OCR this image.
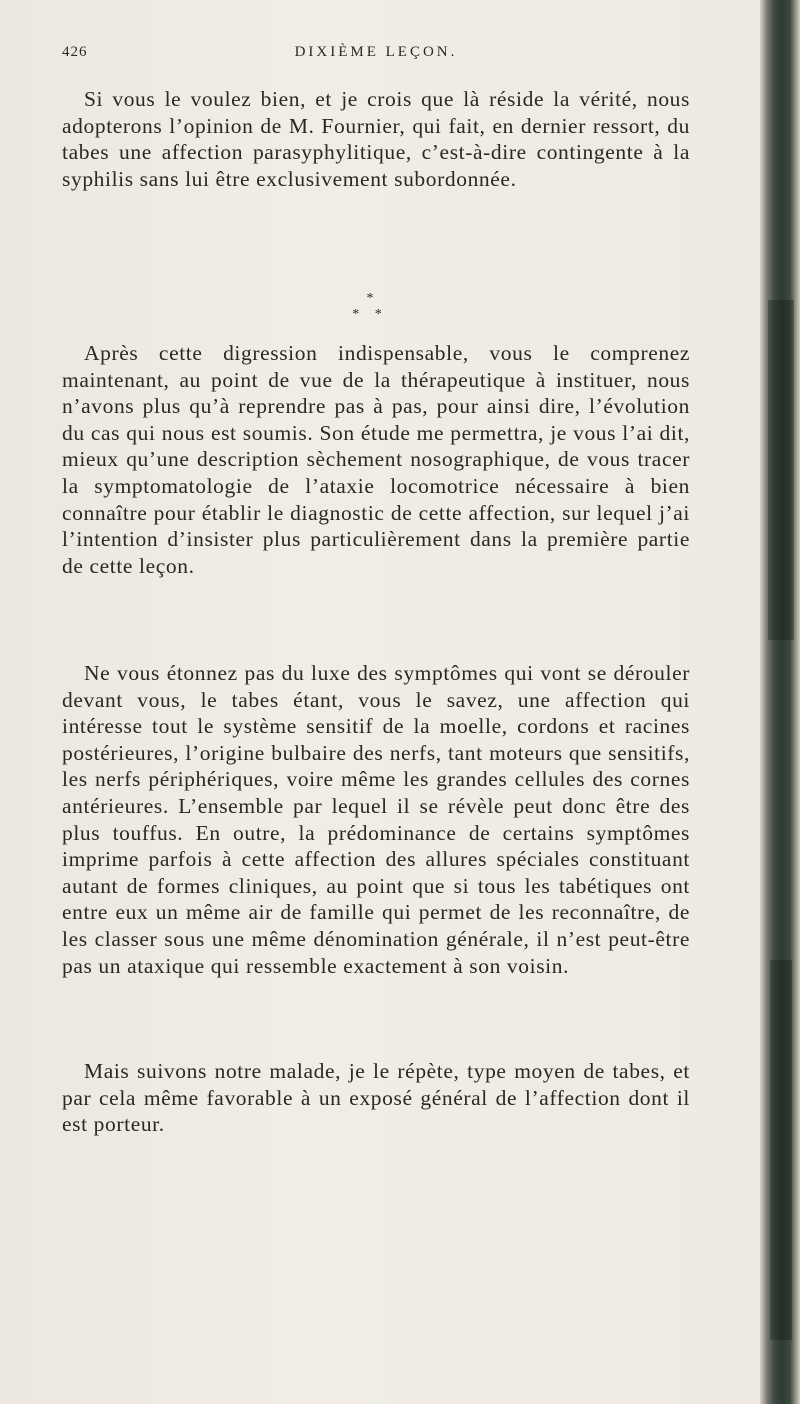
426	DIXIÈME LEÇON.

Si vous le voulez bien, et je crois que là réside la vérité, nous adopterons l’opinion de M. Fournier, qui fait, en dernier ressort, du tabes une affection parasyphylitique, c’est-à-dire contingente à la syphilis sans lui être exclusivement subordonnée.

*
* *

Après cette digression indispensable, vous le comprenez maintenant, au point de vue de la thérapeutique à instituer, nous n’avons plus qu’à reprendre pas à pas, pour ainsi dire, l’évolution du cas qui nous est soumis. Son étude me permettra, je vous l’ai dit, mieux qu’une description sèchement nosographique, de vous tracer la symptomatologie de l’ataxie locomotrice nécessaire à bien connaître pour établir le diagnostic de cette affection, sur lequel j’ai l’intention d’insister plus particulièrement dans la première partie de cette leçon.

Ne vous étonnez pas du luxe des symptômes qui vont se dérouler devant vous, le tabes étant, vous le savez, une affection qui intéresse tout le système sensitif de la moelle, cordons et racines postérieures, l’origine bulbaire des nerfs, tant moteurs que sensitifs, les nerfs périphériques, voire même les grandes cellules des cornes antérieures. L’ensemble par lequel il se révèle peut donc être des plus touffus. En outre, la prédominance de certains symptômes imprime parfois à cette affection des allures spéciales constituant autant de formes cliniques, au point que si tous les tabétiques ont entre eux un même air de famille qui permet de les reconnaître, de les classer sous une même dénomination générale, il n’est peut-être pas un ataxique qui ressemble exactement à son voisin.

Mais suivons notre malade, je le répète, type moyen de tabes, et par cela même favorable à un exposé général de l’affection dont il est porteur.
